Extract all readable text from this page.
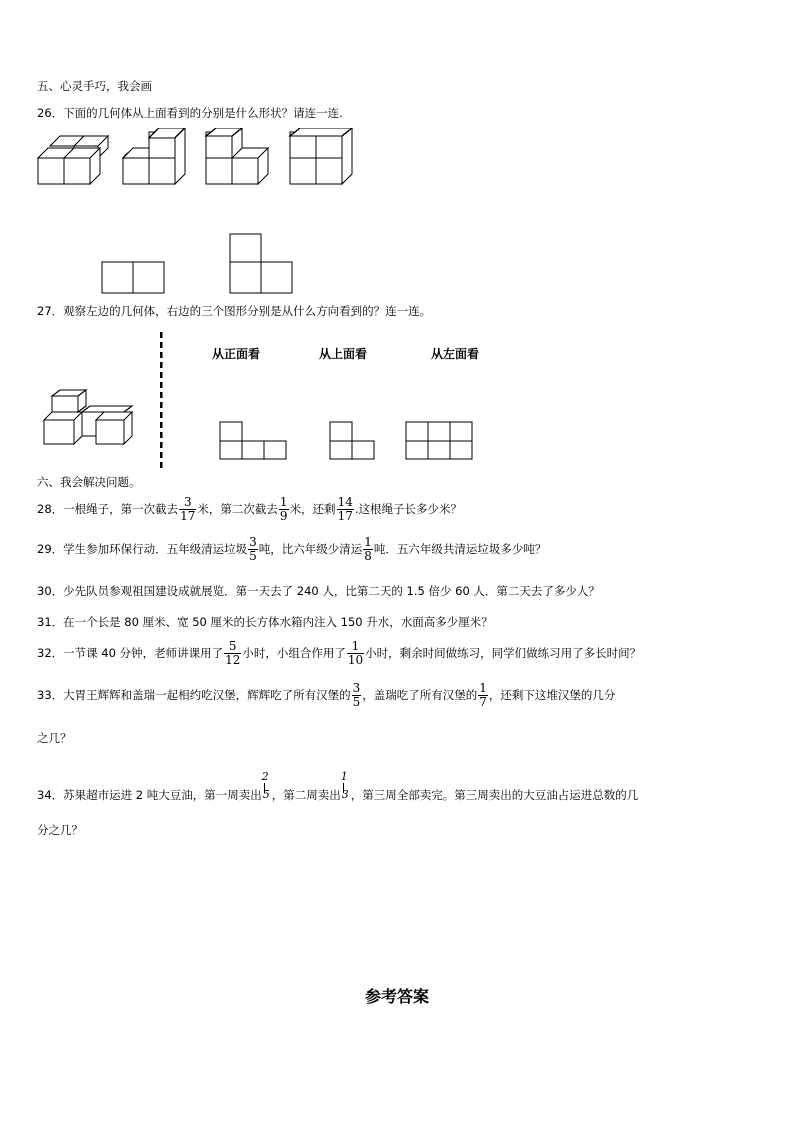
五、心灵手巧，我会画
26．下面的几何体从上面看到的分别是什么形状？请连一连.
27．观察左边的几何体，右边的三个图形分别是从什么方向看到的？连一连。
从正面看	从上面看	从左面看
六、我会解决问题。
28．一根绳子，第一次截去 $\frac{3}{17}$ 米，第二次截去 $\frac{1}{9}$ 米，还剩 $\frac{14}{17}$ .这根绳子长多少米？
29．学生参加环保行动．五年级清运垃圾 $\frac{3}{5}$ 吨，比六年级少清运 $\frac{1}{8}$ 吨．五六年级共清运垃圾多少吨？
30．少先队员参观祖国建设成就展览．第一天去了 240 人，比第二天的 1.5 倍少 60 人．第二天去了多少人？
31．在一个长是 80 厘米、宽 50 厘米的长方体水箱内注入 150 升水，水面高多少厘米？
32．一节课 40 分钟，老师讲课用了 $\frac{5}{12}$ 小时，小组合作用了 $\frac{1}{10}$ 小时，剩余时间做练习，同学们做练习用了多长时间？
33．大胃王辉辉和盖瑞一起相约吃汉堡，辉辉吃了所有汉堡的 $\frac{3}{5}$ ，盖瑞吃了所有汉堡的 $\frac{1}{7}$ ，还剩下这堆汉堡的几分
之几？
34．苏果超市运进 2 吨大豆油，第一周卖出
2
5 ，第二周卖出
1
3 ，第三周全部卖完。第三周卖出的大豆油占运进总数的几
分之几？
参考答案
